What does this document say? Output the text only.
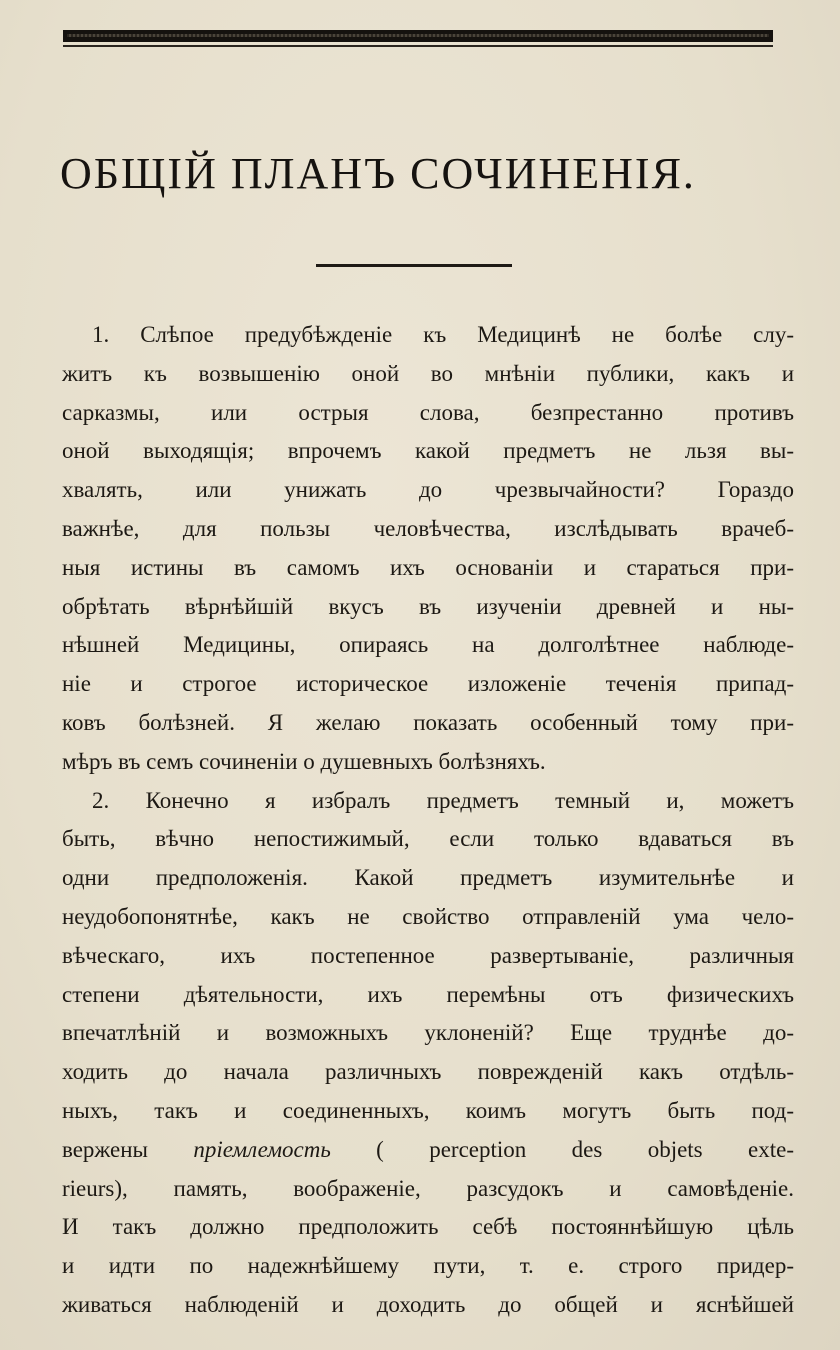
ОБЩІЙ ПЛАНЪ СОЧИНЕНІЯ.
1. Слѣпое предубѣжденіе къ Медицинѣ не болѣе слу-
житъ къ возвышенію оной во мнѣніи публики, какъ и
сарказмы, или острыя слова, безпрестанно противъ
оной выходящія; впрочемъ какой предметъ не льзя вы-
хвалять, или унижать до чрезвычайности? Гораздо
важнѣе, для пользы человѣчества, изслѣдывать врачеб-
ныя истины въ самомъ ихъ основаніи и стараться при-
обрѣтать вѣрнѣйшій вкусъ въ изученіи древней и ны-
нѣшней Медицины, опираясь на долголѣтнее наблюде-
ніе и строгое историческое изложеніе теченія припад-
ковъ болѣзней. Я желаю показать особенный тому при-
мѣръ въ семъ сочиненіи о душевныхъ болѣзняхъ.
2. Конечно я избралъ предметъ темный и, можетъ
быть, вѣчно непостижимый, если только вдаваться въ
одни предположенія. Какой предметъ изумительнѣе и
неудобопонятнѣе, какъ не свойство отправленій ума чело-
вѣческаго, ихъ постепенное развертываніе, различныя
степени дѣятельности, ихъ перемѣны отъ физическихъ
впечатлѣній и возможныхъ уклоненій? Еще труднѣе до-
ходить до начала различныхъ поврежденій какъ отдѣль-
ныхъ, такъ и соединенныхъ, коимъ могутъ быть под-
вержены пріемлемость ( perception des objets exte-
rieurs), память, воображеніе, разсудокъ и самовѣденіе.
И такъ должно предположить себѣ постояннѣйшую цѣль
и идти по надежнѣйшему пути, т. е. строго придер-
живаться наблюденій и доходить до общей и яснѣйшей
